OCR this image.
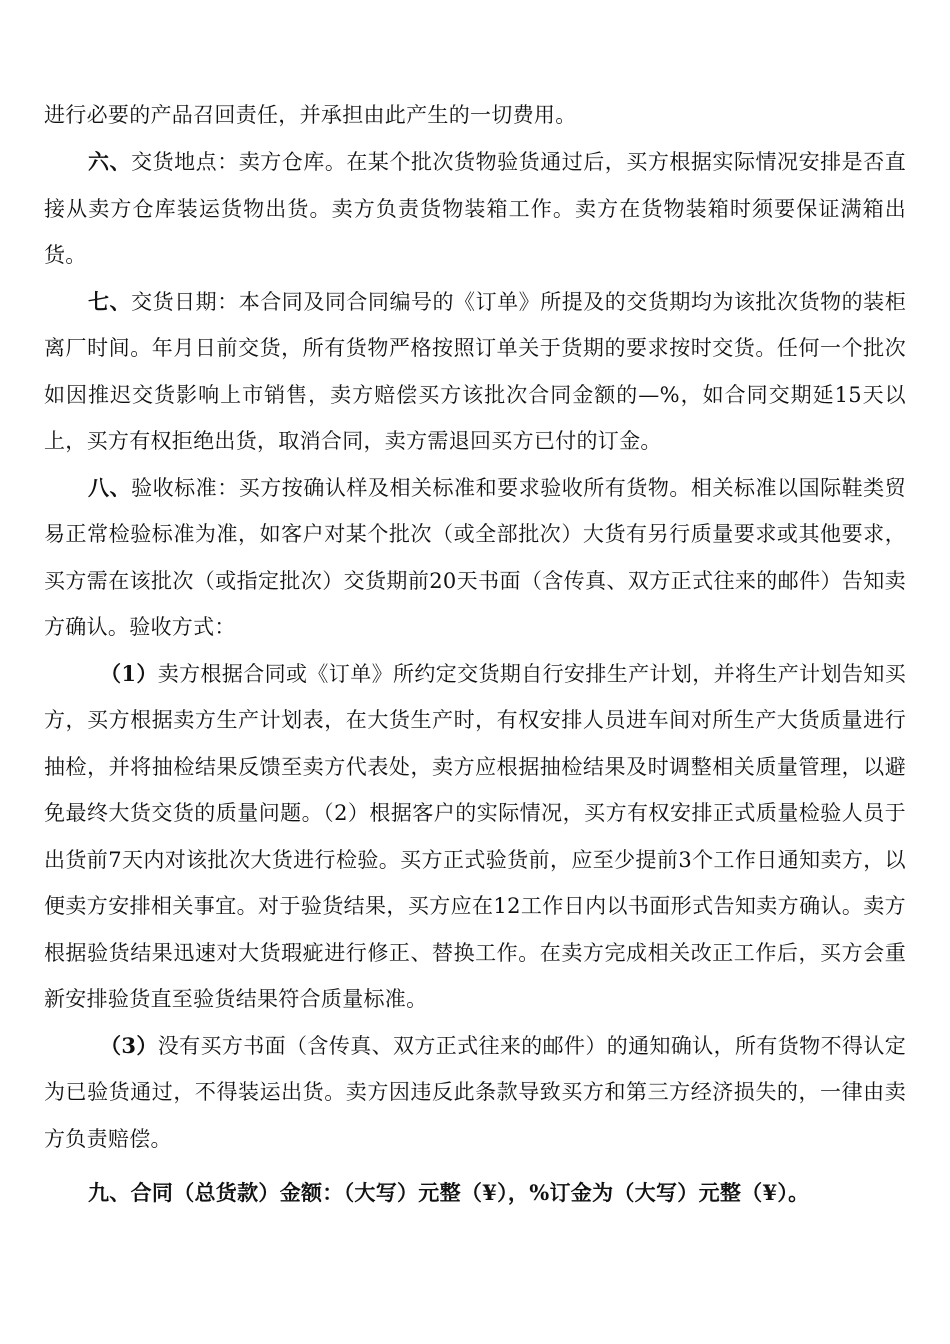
进行必要的产品召回责任，并承担由此产生的一切费用。

六、交货地点：卖方仓库。在某个批次货物验货通过后，买方根据实际情况安排是否直接从卖方仓库装运货物出货。卖方负责货物装箱工作。卖方在货物装箱时须要保证满箱出货。

七、交货日期：本合同及同合同编号的《订单》所提及的交货期均为该批次货物的装柜离厂时间。年月日前交货，所有货物严格按照订单关于货期的要求按时交货。任何一个批次如因推迟交货影响上市销售，卖方赔偿买方该批次合同金额的—%，如合同交期延15天以上，买方有权拒绝出货，取消合同，卖方需退回买方已付的订金。

八、验收标准：买方按确认样及相关标准和要求验收所有货物。相关标准以国际鞋类贸易正常检验标准为准，如客户对某个批次（或全部批次）大货有另行质量要求或其他要求，买方需在该批次（或指定批次）交货期前20天书面（含传真、双方正式往来的邮件）告知卖方确认。验收方式：

（1）卖方根据合同或《订单》所约定交货期自行安排生产计划，并将生产计划告知买方，买方根据卖方生产计划表，在大货生产时，有权安排人员进车间对所生产大货质量进行抽检，并将抽检结果反馈至卖方代表处，卖方应根据抽检结果及时调整相关质量管理，以避免最终大货交货的质量问题。（2）根据客户的实际情况，买方有权安排正式质量检验人员于出货前7天内对该批次大货进行检验。买方正式验货前，应至少提前3个工作日通知卖方，以便卖方安排相关事宜。对于验货结果，买方应在12工作日内以书面形式告知卖方确认。卖方根据验货结果迅速对大货瑕疵进行修正、替换工作。在卖方完成相关改正工作后，买方会重新安排验货直至验货结果符合质量标准。

（3）没有买方书面（含传真、双方正式往来的邮件）的通知确认，所有货物不得认定为已验货通过，不得装运出货。卖方因违反此条款导致买方和第三方经济损失的，一律由卖方负责赔偿。

九、合同（总货款）金额：（大写）元整（¥），%订金为（大写）元整（¥）。
